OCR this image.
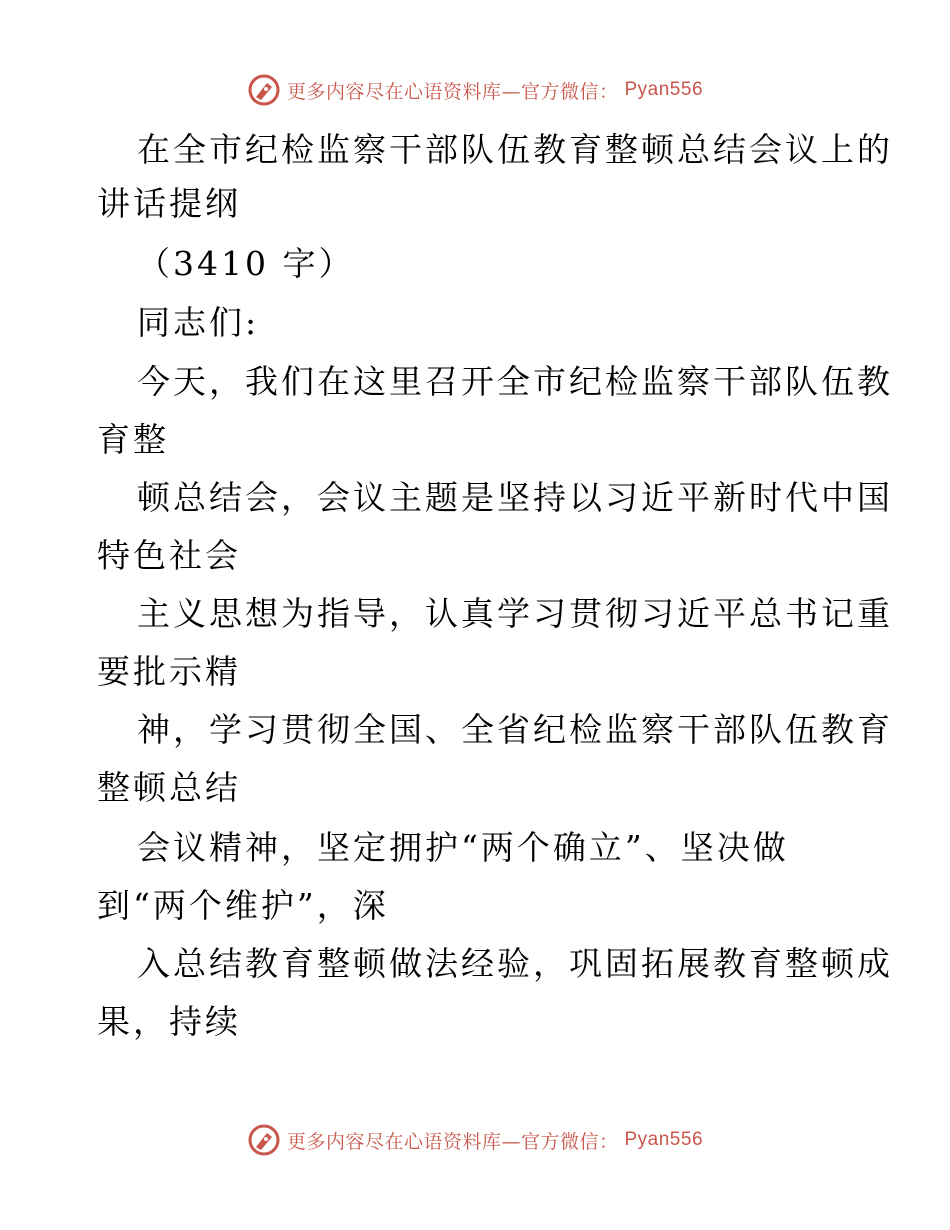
更多内容尽在心语资料库—官方微信： Pyan556
在全市纪检监察干部队伍教育整顿总结会议上的
讲话提纲
（3410 字）
同志们:
今天，我们在这里召开全市纪检监察干部队伍教
育整
顿总结会，会议主题是坚持以习近平新时代中国
特色社会
主义思想为指导，认真学习贯彻习近平总书记重
要批示精
神，学习贯彻全国、全省纪检监察干部队伍教育
整顿总结
会议精神，坚定拥护“两个确立”、坚决做
到“两个维护”，深
入总结教育整顿做法经验，巩固拓展教育整顿成
果，持续
更多内容尽在心语资料库—官方微信： Pyan556
